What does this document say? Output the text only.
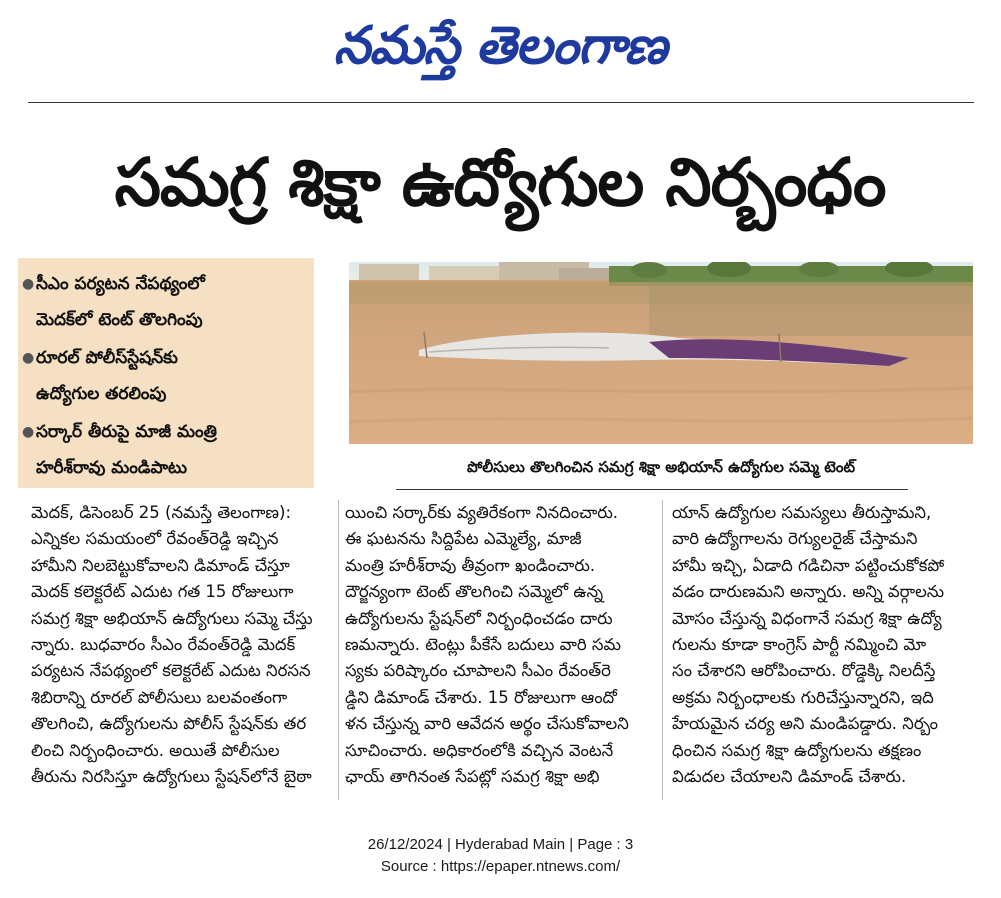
నమస్తే తెలంగాణ
సమగ్ర శిక్షా ఉద్యోగుల నిర్బంధం
● సీఎం పర్యటన నేపథ్యంలో
మెదక్‌లో టెంట్‌ తొలగింపు
● రూరల్‌ పోలీస్‌స్టేషన్‌కు
ఉద్యోగుల తరలింపు
● సర్కార్‌ తీరుపై మాజీ మంత్రి
హరీశ్‌రావు మండిపాటు	పోలీసులు తొలగించిన సమగ్ర శిక్షా అభియాన్‌ ఉద్యోగుల సమ్మె టెంట్‌
మెదక్‌, డిసెంబర్‌ 25 (నమస్తే తెలంగాణ):
ఎన్నికల సమయంలో రేవంత్‌రెడ్డి ఇచ్చిన
హామీని నిలబెట్టుకోవాలని డిమాండ్‌ చేస్తూ
మెదక్‌ కలెక్టరేట్‌ ఎదుట గత 15 రోజులుగా
సమగ్ర శిక్షా అభియాన్‌ ఉద్యోగులు సమ్మె చేస్తు
న్నారు. బుధవారం సీఎం రేవంత్‌రెడ్డి మెదక్‌
పర్యటన నేపథ్యంలో కలెక్టరేట్‌ ఎదుట నిరసన
శిబిరాన్ని రూరల్‌ పోలీసులు బలవంతంగా
తొలగించి, ఉద్యోగులను పోలీస్‌ స్టేషన్‌కు తర
లించి నిర్బంధించారు. అయితే పోలీసుల
తీరును నిరసిస్తూ ఉద్యోగులు స్టేషన్‌లోనే బైఠా
యించి సర్కార్‌కు వ్యతిరేకంగా నినదించారు.
ఈ ఘటనను సిద్దిపేట ఎమ్మెల్యే, మాజీ
మంత్రి హరీశ్‌రావు తీవ్రంగా ఖండించారు.
దౌర్జన్యంగా టెంట్‌ తొలగించి సమ్మెలో ఉన్న
ఉద్యోగులను స్టేషన్‌లో నిర్బంధించడం దారు
ణమన్నారు. టెంట్లు పీకేసే బదులు వారి సమ
స్యకు పరిష్కారం చూపాలని సీఎం రేవంత్‌రె
డ్డిని డిమాండ్‌ చేశారు. 15 రోజులుగా ఆందో
ళన చేస్తున్న వారి ఆవేదన అర్థం చేసుకోవాలని
సూచించారు. అధికారంలోకి వచ్చిన వెంటనే
ఛాయ్‌ తాగినంత సేపట్లో సమగ్ర శిక్షా అభి
యాన్‌ ఉద్యోగుల సమస్యలు తీరుస్తామని,
వారి ఉద్యోగాలను రెగ్యులరైజ్‌ చేస్తామని
హామీ ఇచ్చి, ఏడాది గడిచినా పట్టించుకోకపో
వడం దారుణమని అన్నారు. అన్ని వర్గాలను
మోసం చేస్తున్న విధంగానే సమగ్ర శిక్షా ఉద్యో
గులను కూడా కాంగ్రెస్‌ పార్టీ నమ్మించి మో
సం చేశారని ఆరోపించారు. రోడ్డెక్కి నిలదీస్తే
అక్రమ నిర్బంధాలకు గురిచేస్తున్నారని, ఇది
హేయమైన చర్య అని మండిపడ్డారు. నిర్బం
ధించిన సమగ్ర శిక్షా ఉద్యోగులను తక్షణం
విడుదల చేయాలని డిమాండ్‌ చేశారు.
26/12/2024 | Hyderabad Main | Page : 3
Source : https://epaper.ntnews.com/
